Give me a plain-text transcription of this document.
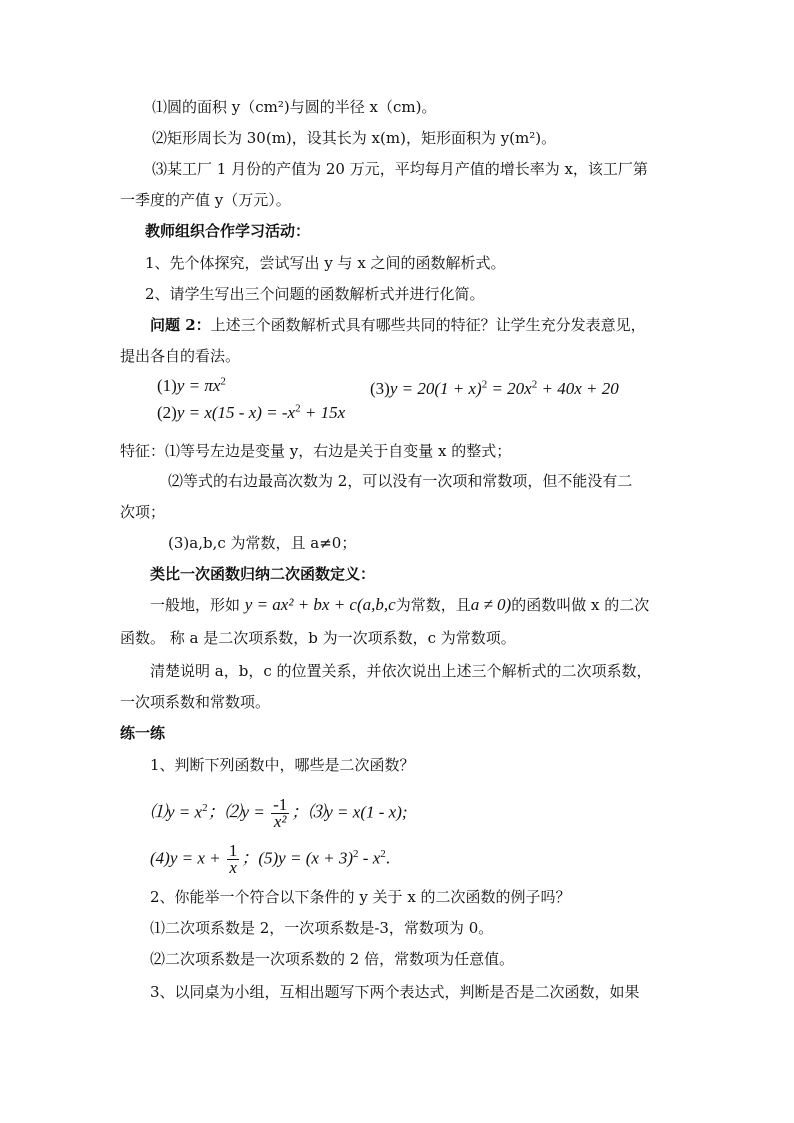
⑴圆的面积 y（cm²)与圆的半径 x（cm)。
⑵矩形周长为 30(m)，设其长为 x(m)，矩形面积为 y(m²)。
⑶某工厂 1 月份的产值为 20 万元，平均每月产值的增长率为 x，该工厂第
一季度的产值 y（万元）。
教师组织合作学习活动：
1、先个体探究，尝试写出 y 与 x 之间的函数解析式。
2、请学生写出三个问题的函数解析式并进行化简。
问题 2：上述三个函数解析式具有哪些共同的特征？让学生充分发表意见，
提出各自的看法。
$(1)y = \pi x^2$
$(2)y = x(15 - x) = -x^2 + 15x$
$(3)y = 20(1 + x)^2 = 20x^2 + 40x + 20$
特征：⑴等号左边是变量 y，右边是关于自变量 x 的整式；
⑵等式的右边最高次数为 2，可以没有一次项和常数项，但不能没有二
次项；
(3)a,b,c 为常数，且 a≠0；
类比一次函数归纳二次函数定义：
一般地，形如 y = ax² + bx + c(a,b,c为常数，且a ≠ 0)的函数叫做 x 的二次
函数。 称 a 是二次项系数，b 为一次项系数，c 为常数项。
清楚说明 a，b，c 的位置关系，并依次说出上述三个解析式的二次项系数，
一次项系数和常数项。
练一练
1、判断下列函数中，哪些是二次函数？
⑴y = $x^2$；⑵y = $\frac{-1}{\text{x²}}$ ；⑶y = x(1 - x);
$(4)y = x + \frac{1}{x}$ ；$(5)y = (x + 3)^2 - x^2$.
2、你能举一个符合以下条件的 y 关于 x 的二次函数的例子吗？
⑴二次项系数是 2，一次项系数是-3，常数项为 0。
⑵二次项系数是一次项系数的 2 倍，常数项为任意值。
3、以同桌为小组，互相出题写下两个表达式，判断是否是二次函数，如果
